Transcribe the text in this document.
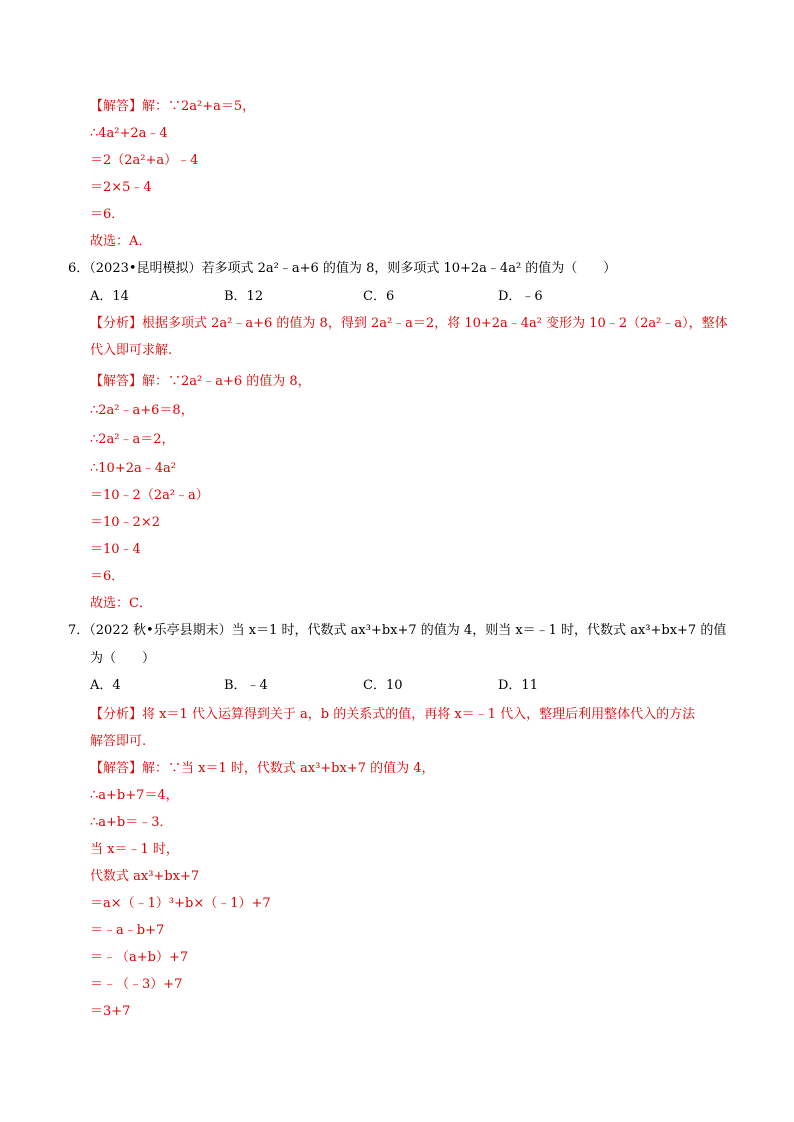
【解答】解：∵2a²+a＝5，
∴4a²+2a﹣4
＝2（2a²+a）﹣4
＝2×5﹣4
＝6．
故选：A．
6．（2023•昆明模拟）若多项式 2a²﹣a+6 的值为 8，则多项式 10+2a﹣4a² 的值为（　　）
A．14	B．12	C．6	D．﹣6
【分析】根据多项式 2a²﹣a+6 的值为 8，得到 2a²﹣a＝2，将 10+2a﹣4a² 变形为 10﹣2（2a²﹣a），整体
代入即可求解.
【解答】解：∵2a²﹣a+6 的值为 8，
∴2a²﹣a+6＝8，
∴2a²﹣a＝2，
∴10+2a﹣4a²
＝10﹣2（2a²﹣a）
＝10﹣2×2
＝10﹣4
＝6．
故选：C．
7．（2022 秋•乐亭县期末）当 x＝1 时，代数式 ax³+bx+7 的值为 4，则当 x＝﹣1 时，代数式 ax³+bx+7 的值
为（　　）
A．4	B．﹣4	C．10	D．11
【分析】将 x＝1 代入运算得到关于 a，b 的关系式的值，再将 x＝﹣1 代入，整理后利用整体代入的方法
解答即可.
【解答】解：∵当 x＝1 时，代数式 ax³+bx+7 的值为 4，
∴a+b+7＝4，
∴a+b＝﹣3．
当 x＝﹣1 时，
代数式 ax³+bx+7
＝a×（﹣1）³+b×（﹣1）+7
＝﹣a﹣b+7
＝﹣（a+b）+7
＝﹣（﹣3）+7
＝3+7
